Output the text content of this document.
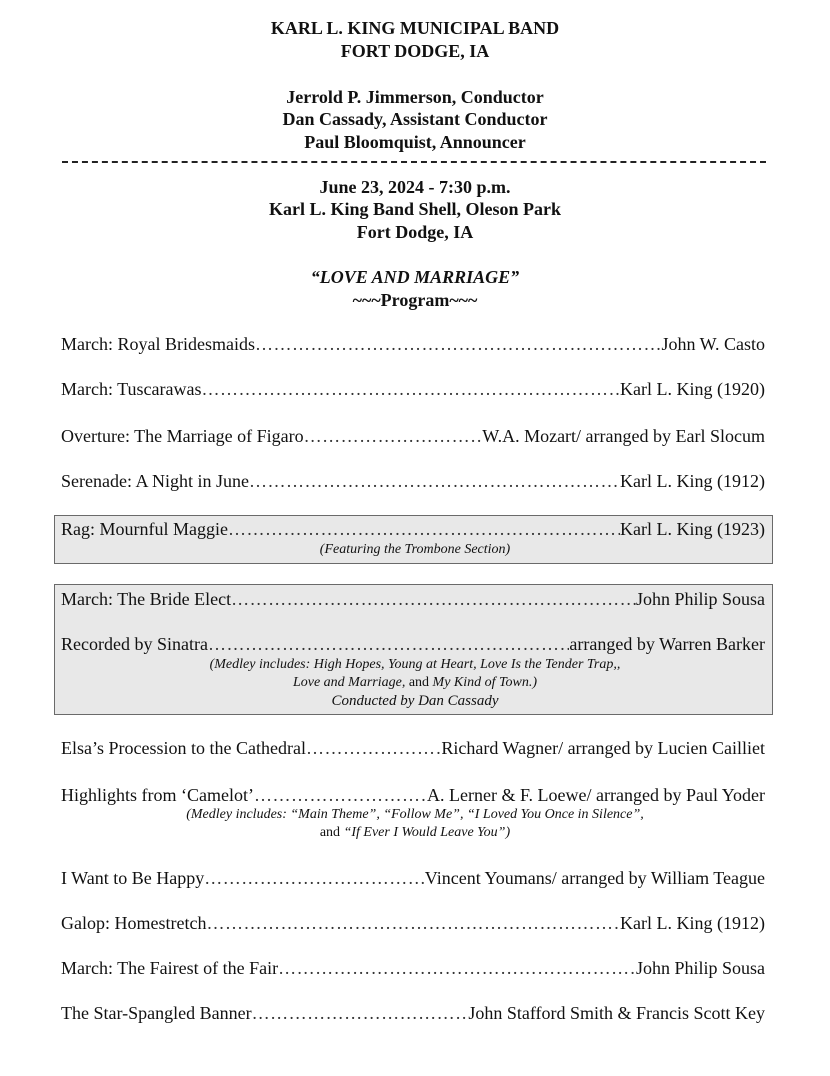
KARL L. KING MUNICIPAL BAND
FORT DODGE, IA
Jerrold P. Jimmerson, Conductor
Dan Cassady, Assistant Conductor
Paul Bloomquist, Announcer
June 23, 2024 - 7:30 p.m.
Karl L. King Band Shell, Oleson Park
Fort Dodge, IA
“LOVE AND MARRIAGE”
~~~Program~~~
March: Royal Bridesmaids ……………………………………………………………………………………………………………………………………	John W. Casto
March: Tuscarawas ……………………………………………………………………………………………………………………………………	Karl L. King (1920)
Overture: The Marriage of Figaro ……………………………………………………………………………………………………………………………………	W.A. Mozart/ arranged by Earl Slocum
Serenade: A Night in June ……………………………………………………………………………………………………………………………………	Karl L. King (1912)
Rag: Mournful Maggie ……………………………………………………………………………………………………………………………………	Karl L. King (1923)
(Featuring the Trombone Section)
March: The Bride Elect ……………………………………………………………………………………………………………………………………	John Philip Sousa
Recorded by Sinatra ……………………………………………………………………………………………………………………………………	arranged by Warren Barker
(Medley includes: High Hopes, Young at Heart, Love Is the Tender Trap,,
Love and Marriage, and My Kind of Town.)
Conducted by Dan Cassady
Elsa’s Procession to the Cathedral ……………………………………………………………………………………………………………………………………	Richard Wagner/ arranged by Lucien Cailliet
Highlights from ‘Camelot’ ……………………………………………………………………………………………………………………………………	A. Lerner & F. Loewe/ arranged by Paul Yoder
(Medley includes: “Main Theme”, “Follow Me”, “I Loved You Once in Silence”,
and “If Ever I Would Leave You”)
I Want to Be Happy ……………………………………………………………………………………………………………………………………	Vincent Youmans/ arranged by William Teague
Galop: Homestretch ……………………………………………………………………………………………………………………………………	Karl L. King (1912)
March: The Fairest of the Fair ……………………………………………………………………………………………………………………………………	John Philip Sousa
The Star-Spangled Banner ……………………………………………………………………………………………………………………………………	John Stafford Smith & Francis Scott Key
